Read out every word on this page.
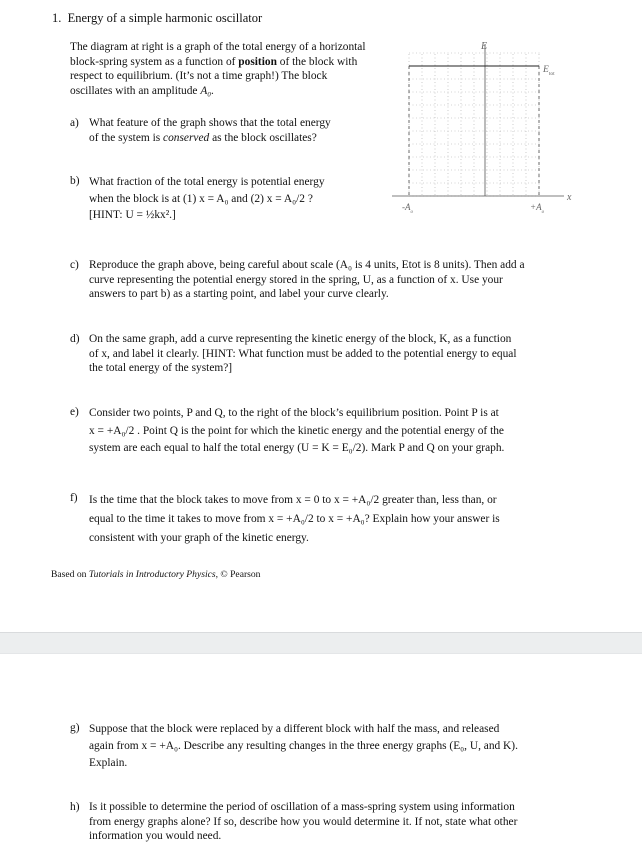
1. Energy of a simple harmonic oscillator
The diagram at right is a graph of the total energy of a horizontal block-spring system as a function of position of the block with respect to equilibrium. (It’s not a time graph!) The block oscillates with an amplitude A₀.
E
$E_{tot}$
x
$-A_o$
$+A_o$
a) What feature of the graph shows that the total energy
of the system is conserved as the block oscillates?
b) What fraction of the total energy is potential energy
when the block is at (1) x = A₀ and (2) x = A₀/2 ?
[HINT: U = ½kx².]
c) Reproduce the graph above, being careful about scale (A₀ is 4 units, Etot is 8 units). Then add a
curve representing the potential energy stored in the spring, U, as a function of x. Use your
answers to part b) as a starting point, and label your curve clearly.
d) On the same graph, add a curve representing the kinetic energy of the block, K, as a function
of x, and label it clearly. [HINT: What function must be added to the potential energy to equal
the total energy of the system?]
e) Consider two points, P and Q, to the right of the block’s equilibrium position. Point P is at
x = +A₀/2 . Point Q is the point for which the kinetic energy and the potential energy of the
system are each equal to half the total energy (U = K = E₀/2). Mark P and Q on your graph.
f) Is the time that the block takes to move from x = 0 to x = +A₀/2 greater than, less than, or
equal to the time it takes to move from x = +A₀/2 to x = +A₀? Explain how your answer is
consistent with your graph of the kinetic energy.
Based on Tutorials in Introductory Physics, © Pearson
g) Suppose that the block were replaced by a different block with half the mass, and released
again from x = +A₀. Describe any resulting changes in the three energy graphs (E₀, U, and K).
Explain.
h) Is it possible to determine the period of oscillation of a mass-spring system using information
from energy graphs alone? If so, describe how you would determine it. If not, state what other
information you would need.
